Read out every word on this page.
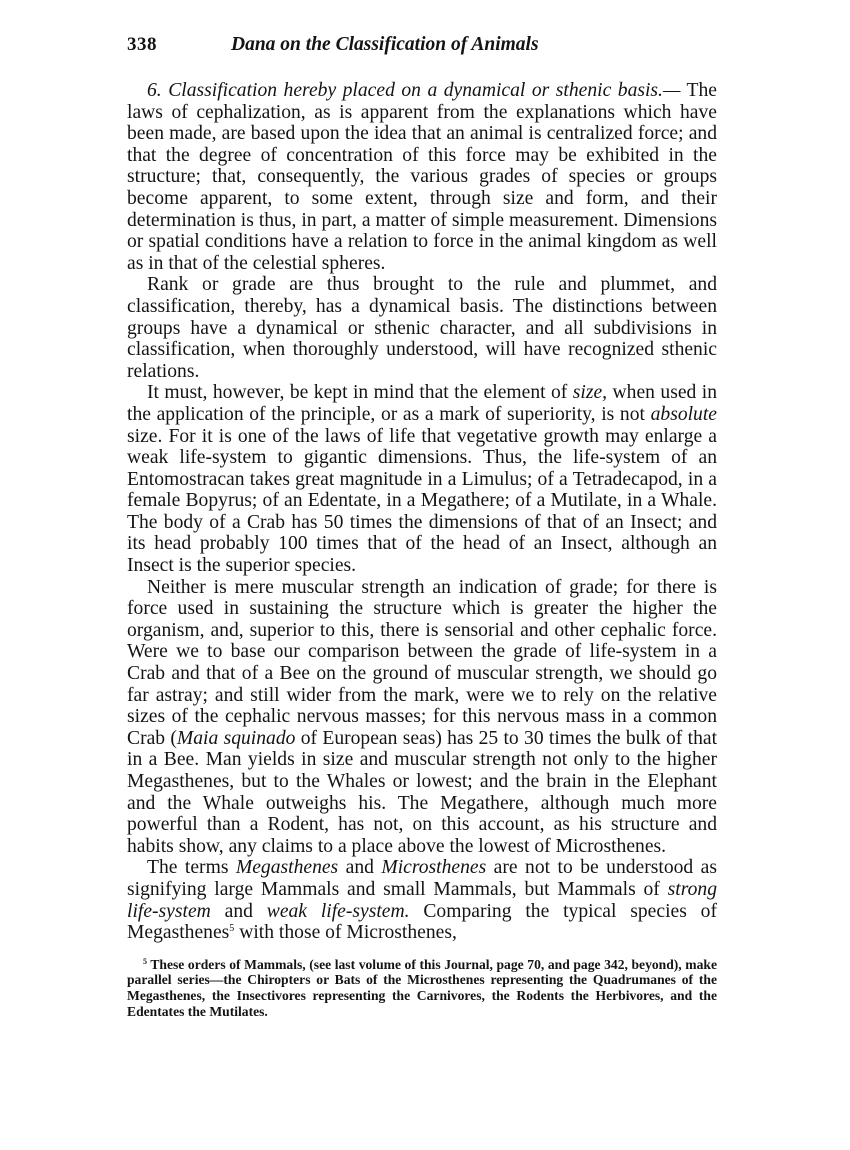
338	Dana on the Classification of Animals

6. Classification hereby placed on a dynamical or sthenic basis.— The laws of cephalization, as is apparent from the explanations which have been made, are based upon the idea that an animal is centralized force; and that the degree of concentration of this force may be exhibited in the structure; that, consequently, the various grades of species or groups become apparent, to some extent, through size and form, and their determination is thus, in part, a matter of simple measurement. Dimensions or spatial conditions have a relation to force in the animal kingdom as well as in that of the celestial spheres.

Rank or grade are thus brought to the rule and plummet, and classification, thereby, has a dynamical basis. The distinctions between groups have a dynamical or sthenic character, and all subdivisions in classification, when thoroughly understood, will have recognized sthenic relations.

It must, however, be kept in mind that the element of size, when used in the application of the principle, or as a mark of superiority, is not absolute size. For it is one of the laws of life that vegetative growth may enlarge a weak life-system to gigantic dimensions. Thus, the life-system of an Entomostracan takes great magnitude in a Limulus; of a Tetradecapod, in a female Bopyrus; of an Edentate, in a Megathere; of a Mutilate, in a Whale. The body of a Crab has 50 times the dimensions of that of an Insect; and its head probably 100 times that of the head of an Insect, although an Insect is the superior species.

Neither is mere muscular strength an indication of grade; for there is force used in sustaining the structure which is greater the higher the organism, and, superior to this, there is sensorial and other cephalic force. Were we to base our comparison between the grade of life-system in a Crab and that of a Bee on the ground of muscular strength, we should go far astray; and still wider from the mark, were we to rely on the relative sizes of the cephalic nervous masses; for this nervous mass in a common Crab (Maia squinado of European seas) has 25 to 30 times the bulk of that in a Bee. Man yields in size and muscular strength not only to the higher Megasthenes, but to the Whales or lowest; and the brain in the Elephant and the Whale outweighs his. The Megathere, although much more powerful than a Rodent, has not, on this account, as his structure and habits show, any claims to a place above the lowest of Microsthenes.

The terms Megasthenes and Microsthenes are not to be understood as signifying large Mammals and small Mammals, but Mammals of strong life-system and weak life-system. Comparing the typical species of Megasthenes$^5$ with those of Microsthenes,

$^5$ These orders of Mammals, (see last volume of this Journal, page 70, and page 342, beyond), make parallel series—the Chiropters or Bats of the Microsthenes representing the Quadrumanes of the Megasthenes, the Insectivores representing the Carnivores, the Rodents the Herbivores, and the Edentates the Mutilates.
